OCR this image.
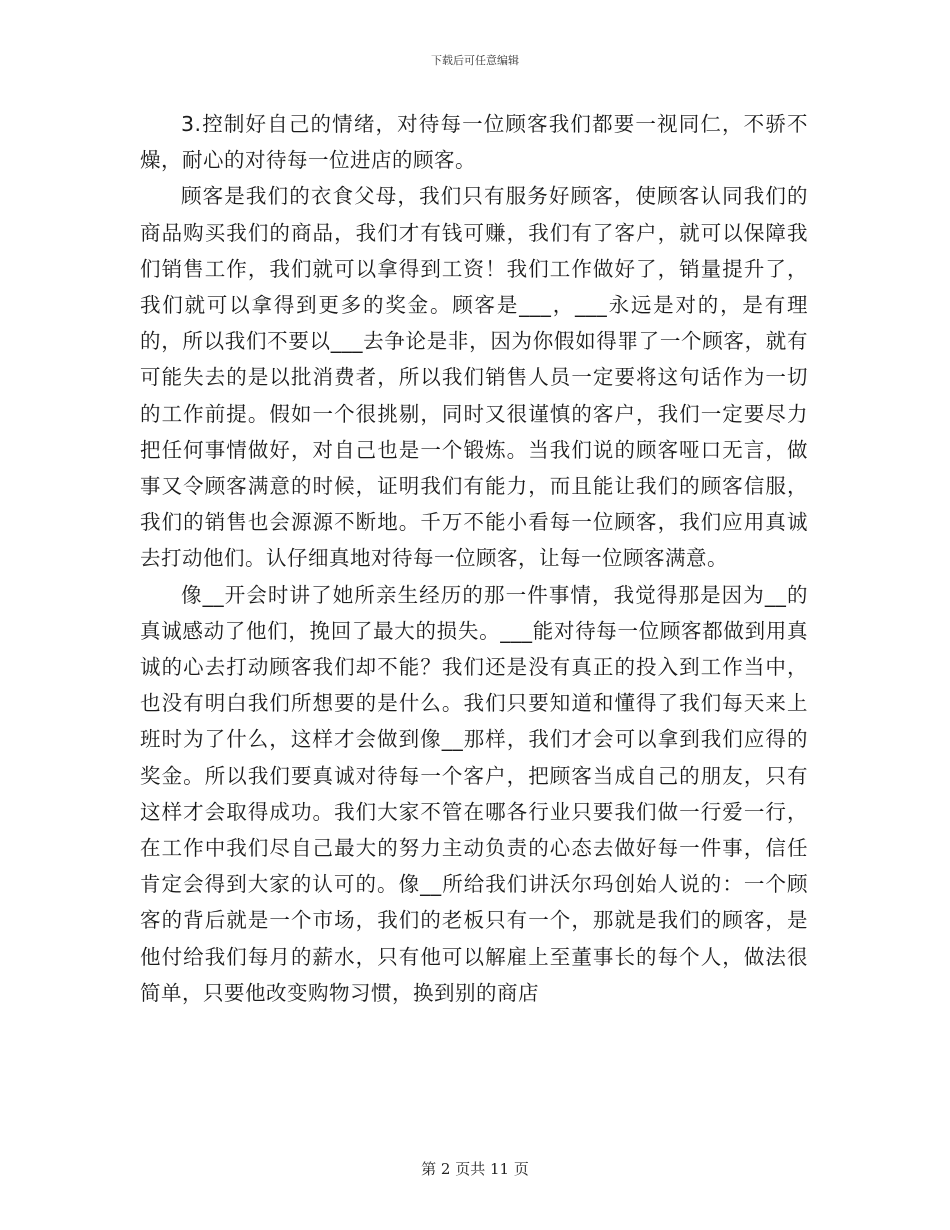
下载后可任意编辑

3.控制好自己的情绪，对待每一位顾客我们都要一视同仁，不骄不燥，耐心的对待每一位进店的顾客。

顾客是我们的衣食父母，我们只有服务好顾客，使顾客认同我们的商品购买我们的商品，我们才有钱可赚，我们有了客户，就可以保障我们销售工作，我们就可以拿得到工资！我们工作做好了，销量提升了，我们就可以拿得到更多的奖金。顾客是___，___永远是对的，是有理的，所以我们不要以___去争论是非，因为你假如得罪了一个顾客，就有可能失去的是以批消费者，所以我们销售人员一定要将这句话作为一切的工作前提。假如一个很挑剔，同时又很谨慎的客户，我们一定要尽力把任何事情做好，对自己也是一个锻炼。当我们说的顾客哑口无言，做事又令顾客满意的时候，证明我们有能力，而且能让我们的顾客信服，我们的销售也会源源不断地。千万不能小看每一位顾客，我们应用真诚去打动他们。认仔细真地对待每一位顾客，让每一位顾客满意。

像__开会时讲了她所亲生经历的那一件事情，我觉得那是因为__的真诚感动了他们，挽回了最大的损失。___能对待每一位顾客都做到用真诚的心去打动顾客我们却不能？我们还是没有真正的投入到工作当中，也没有明白我们所想要的是什么。我们只要知道和懂得了我们每天来上班时为了什么，这样才会做到像__那样，我们才会可以拿到我们应得的奖金。所以我们要真诚对待每一个客户，把顾客当成自己的朋友，只有这样才会取得成功。我们大家不管在哪各行业只要我们做一行爱一行，在工作中我们尽自己最大的努力主动负责的心态去做好每一件事，信任肯定会得到大家的认可的。像__所给我们讲沃尔玛创始人说的：一个顾客的背后就是一个市场，我们的老板只有一个，那就是我们的顾客，是他付给我们每月的薪水，只有他可以解雇上至董事长的每个人，做法很简单，只要他改变购物习惯，换到别的商店

第 2 页共 11 页
